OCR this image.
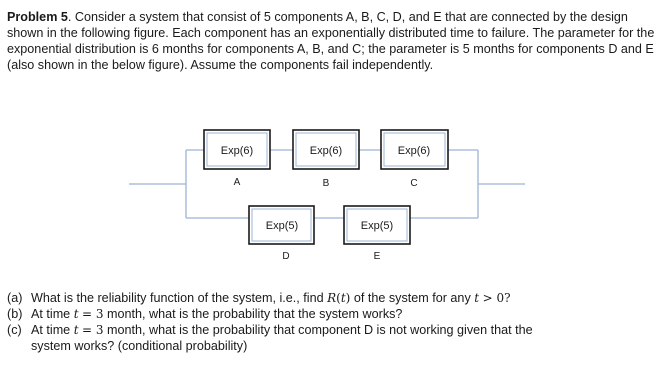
Problem 5. Consider a system that consist of 5 components A, B, C, D, and E that are connected by the design shown in the following figure. Each component has an exponentially distributed time to failure. The parameter for the exponential distribution is 6 months for components A, B, and C; the parameter is 5 months for components D and E (also shown in the below figure). Assume the components fail independently.

Exp(6)
A
Exp(6)
B
Exp(6)
C
Exp(5)
D
Exp(5)
E
(a) What is the reliability function of the system, i.e., find R(t) of the system for any t > 0?
(b) At time t = 3 month, what is the probability that the system works?
(c) At time t = 3 month, what is the probability that component D is not working given that the
system works? (conditional probability)
